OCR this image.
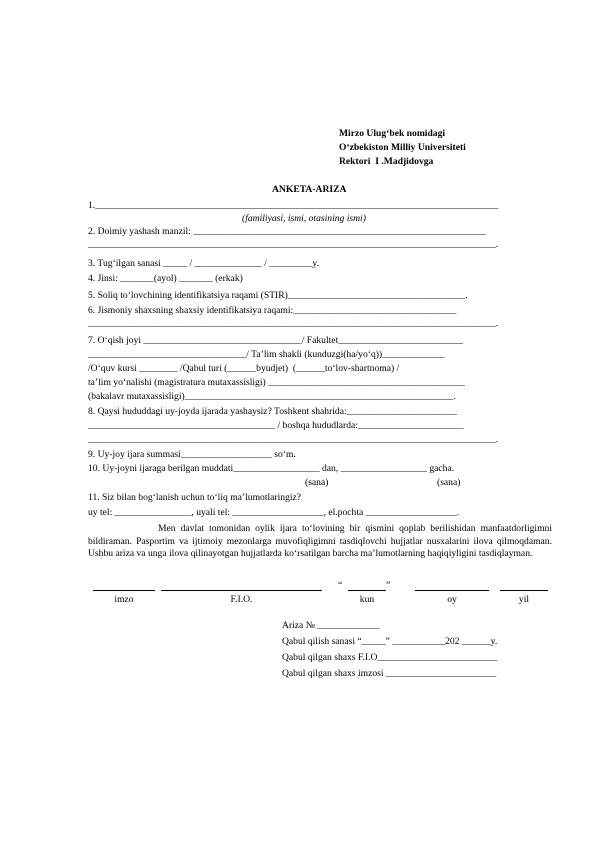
Mirzo Ulug‘bek nomidagi
O‘zbekiston Milliy Universiteti
Rektori  I .Madjidovga
ANKETA-ARIZA
1.____________________________________________________________________________________
(familiyasi, ismi, otasining ismi)
2. Doimiy yashash manzil: _____________________________________________________________
_____________________________________________________________________________________.
3. Tug‘ilgan sanasi _____ / ______________ / _________y.
4. Jinsi: _______(ayol) _______ (erkak)
5. Soliq to‘lovchining identifikatsiya raqami (STIR)_____________________________________.
6. Jismoniy shaxsning shaxsiy identifikatsiya raqami:__________________________________
_____________________________________________________________________________________.
7. O‘qish joyi _________________________________/ Fakultet__________________________
_________________________________/ Ta’lim shakli (kunduzgi(ha/yo‘q))_____________
/O‘quv kursi ________ /Qabul turi (______byudjet)  (______to‘lov-shartnoma) /
ta’lim yo‘nalishi (magistratura mutaxassisligi) _________________________________________
(bakalavr mutaxassisligi)________________________________________________________.
8. Qaysi hududdagi uy-joyda ijarada yashaysiz? Toshkent shahrida:_______________________
_______________________________________ / boshqa hududlarda:______________________
_____________________________________________________________________________________.
9. Uy-joy ijara summasi___________________ so‘m.
10. Uy-joyni ijaraga berilgan muddati__________________ dan, __________________ gacha.
(sana)	(sana)
11. Siz bilan bog‘lanish uchun to‘liq ma’lumotlaringiz?
uy tel: ________________, uyali tel: ___________________, el.pochta ___________________.
Men davlat tomonidan oylik ijara to‘lovining bir qismini qoplab berilishidan manfaatdorligimni bildiraman. Pasportim va ijtimoiy mezonlarga muvofiqligimni tasdiqlovchi hujjatlar nusxalarini ilova qilmoqdaman. Ushbu ariza va unga ilova qilinayotgan hujjatlarda ko‘rsatilgan barcha ma’lumotlarning haqiqiyligini tasdiqlayman.
“	”
imzo	F.I.O.	kun	oy	yil
Ariza № _____________
Qabul qilish sanasi “_____” ___________202 ______y.
Qabul qilgan shaxs F.I.O_________________________
Qabul qilgan shaxs imzosi _______________________
